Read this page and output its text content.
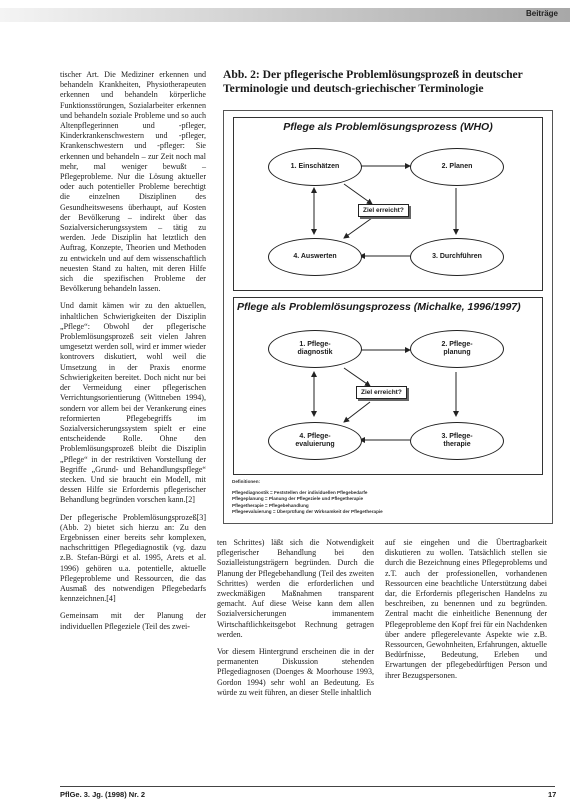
Beiträge

tischer Art. Die Mediziner erkennen und behandeln Krankheiten, Physiotherapeuten erkennen und behandeln körperliche Funktionsstörungen, Sozialarbeiter erkennen und behandeln soziale Probleme und so auch Altenpflegerinnen und -pfleger, Kinderkrankenschwestern und -pfleger, Krankenschwestern und -pfleger: Sie erkennen und behandeln – zur Zeit noch mal mehr, mal weniger bewußt – Pflegeprobleme. Nur die Lösung aktueller oder auch potentieller Probleme berechtigt die einzelnen Disziplinen des Gesundheitswesens überhaupt, auf Kosten der Bevölkerung – indirekt über das Sozialversicherungssystem – tätig zu werden. Jede Disziplin hat letztlich den Auftrag, Konzepte, Theorien und Methoden zu entwickeln und auf dem wissenschaftlich neuesten Stand zu halten, mit deren Hilfe sich die spezifischen Probleme der Bevölkerung behandeln lassen.

Und damit kämen wir zu den aktuellen, inhaltlichen Schwierigkeiten der Disziplin „Pflege“: Obwohl der pflegerische Problemlösungsprozeß seit vielen Jahren umgesetzt werden soll, wird er immer wieder kontrovers diskutiert, wohl weil die Umsetzung in der Praxis enorme Schwierigkeiten bereitet. Doch nicht nur bei der Vermeidung einer pflegerischen Verrichtungsorientierung (Wittneben 1994), sondern vor allem bei der Verankerung eines reformierten Pflegebegriffs im Sozialversicherungssystem spielt er eine entscheidende Rolle. Ohne den Problemlösungsprozeß bleibt die Disziplin „Pflege“ in der restriktiven Vorstellung der Begriffe „Grund- und Behandlungspflege“ stecken. Und sie braucht ein Modell, mit dessen Hilfe sie Erfordernis pflegerischer Behandlung begründen vorschen kann.[2]

Der pflegerische Problemlösungsprozeß[3] (Abb. 2) bietet sich hierzu an: Zu den Ergebnissen einer bereits sehr komplexen, nachschrittigen Pflegediagnostik (vg. dazu z.B. Stefan-Bürgi et al. 1995, Arets et al. 1996) gehören u.a. potentielle, aktuelle Pflegeprobleme und Ressourcen, die das Ausmaß des notwendigen Pflegebedarfs kennzeichnen.[4]

Gemeinsam mit der Planung der individuellen Pflegeziele (Teil des zwei-

Abb. 2: Der pflegerische Problemlösungsprozeß in deutscher Terminologie und deutsch-griechischer Terminologie
Pflege als Problemlösungsprozess (WHO)
1. Einschätzen	2. Planen
3. Durchführen
4. Auswerten
Ziel erreicht?
Pflege als Problemlösungsprozess (Michalke, 1996/1997)
1. Pflege-
diagnostik
2. Pflege-
planung
3. Pflege-
therapie
4. Pflege-
evaluierung
Ziel erreicht?
Definitionen:
Pflegediagnostik = Feststellen der individuellen Pflegebedarfe
Pflegeplanung = Planung der Pflegeziele und Pflegetherapie
Pflegetherapie = Pflegebehandlung
Pflegeevaluierung = Überprüfung der Wirksamkeit der Pflegetherapie

ten Schrittes) läßt sich die Notwendigkeit pflegerischer Behandlung bei den Sozialleistungsträgern begründen. Durch die Planung der Pflegebehandlung (Teil des zweiten Schrittes) werden die erforderlichen und zweckmäßigen Maßnahmen transparent gemacht. Auf diese Weise kann dem allen Sozialversicherungen immanentem Wirtschaftlichkeitsgebot Rechnung getragen werden.

Vor diesem Hintergrund erscheinen die in der permanenten Diskussion stehenden Pflegediagnosen (Doenges & Moorhouse 1993, Gordon 1994) sehr wohl an Bedeutung. Es würde zu weit führen, an dieser Stelle inhaltlich

auf sie eingehen und die Übertragbarkeit diskutieren zu wollen. Tatsächlich stellen sie durch die Bezeichnung eines Pflegeproblems und z.T. auch der professionellen, vorhandenen Ressourcen eine beachtliche Unterstützung dabei dar, die Erfordernis pflegerischen Handelns zu beschreiben, zu benennen und zu begründen. Zentral macht die einheitliche Benennung der Pflegeprobleme den Kopf frei für ein Nachdenken über andere pflegerelevante Aspekte wie z.B. Ressourcen, Gewohnheiten, Erfahrungen, aktuelle Bedürfnisse, Bedeutung, Erleben und Erwartungen der pflegebedürftigen Person und ihrer Bezugspersonen.

PflGe. 3. Jg. (1998) Nr. 2	17
